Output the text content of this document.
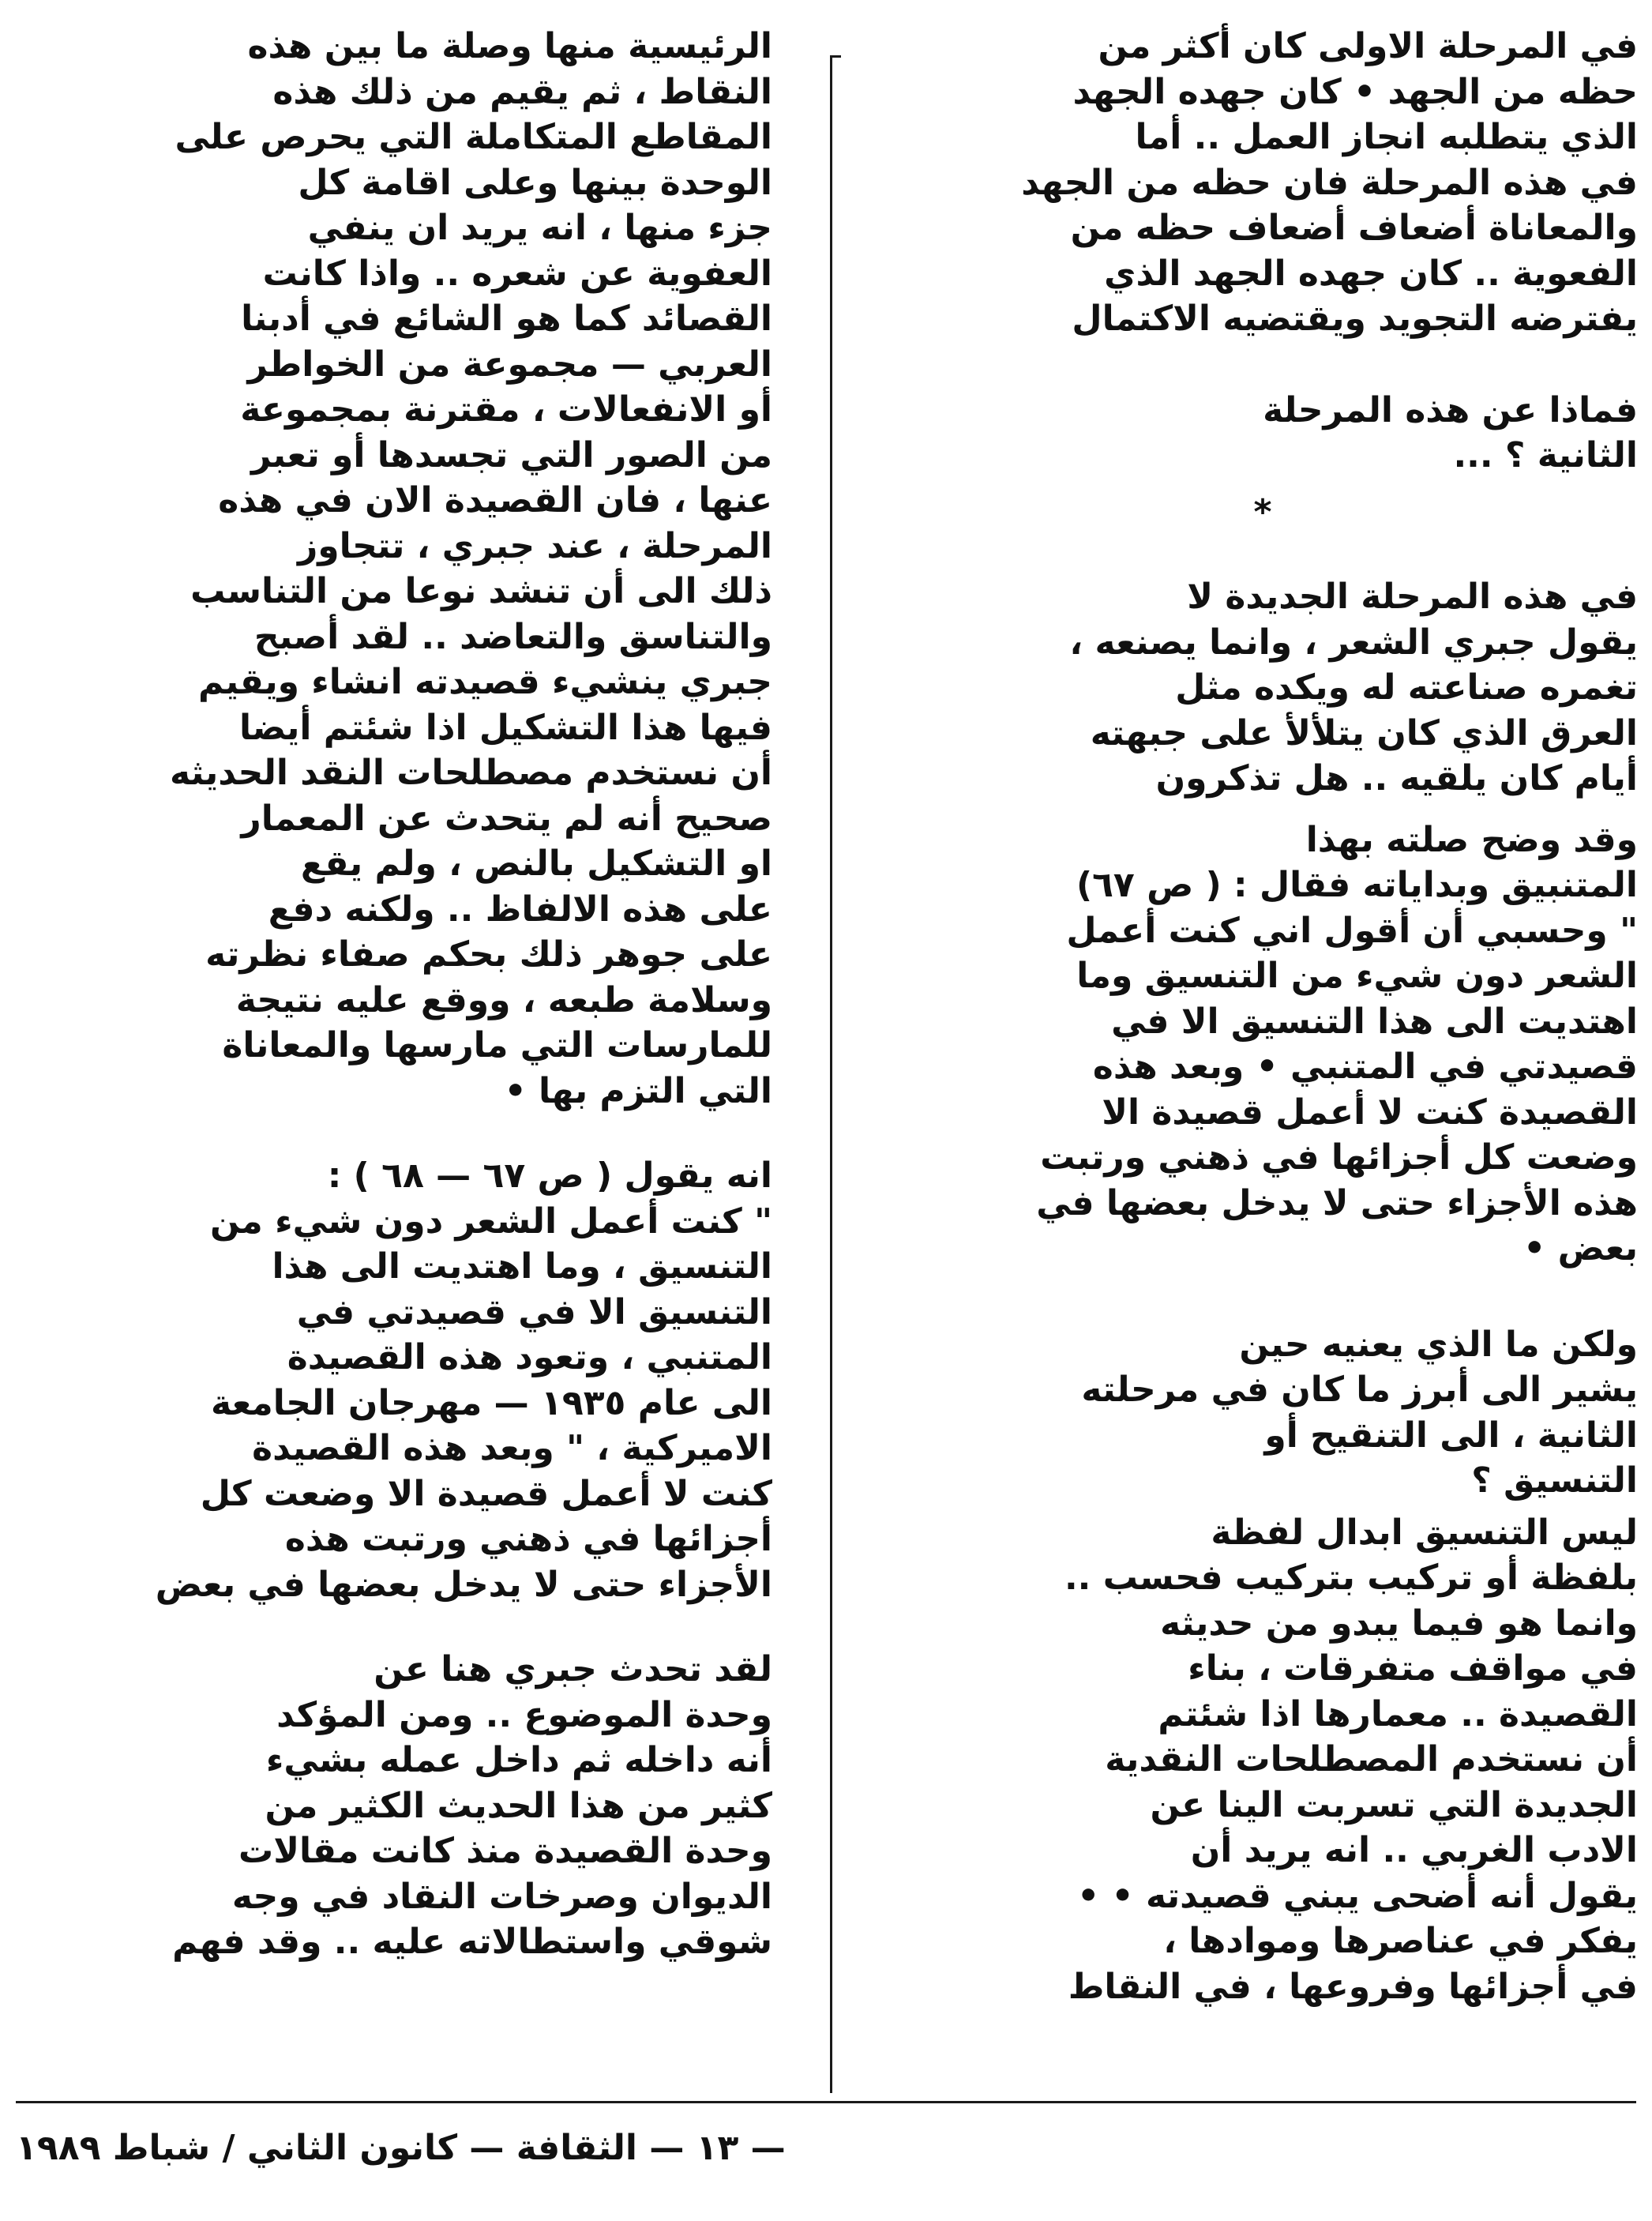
في المرحلة الاولى كان أكثر من
حظه من الجهد • كان جهده الجهد
الذي يتطلبه انجاز العمل .. أما
في هذه المرحلة فان حظه من الجهد
والمعاناة أضعاف أضعاف حظه من
الفعوية .. كان جهده الجهد الذي
يفترضه التجويد ويقتضيه الاكتمال

فماذا عن هذه المرحلة
الثانية ؟ ...

*

في هذه المرحلة الجديدة لا
يقول جبري الشعر ، وانما يصنعه ،
تغمره صناعته له ويكده مثل
العرق الذي كان يتلألأ على جبهته
أيام كان يلقيه .. هل تذكرون

وقد وضح صلته بهذا
المتنبيق وبداياته فقال : ( ص ٦٧)
" وحسبي أن أقول اني كنت أعمل
الشعر دون شيء من التنسيق وما
اهتديت الى هذا التنسيق الا في
قصيدتي في المتنبي • وبعد هذه
القصيدة كنت لا أعمل قصيدة الا
وضعت كل أجزائها في ذهني ورتبت
هذه الأجزاء حتى لا يدخل بعضها في
بعض •

ولكن ما الذي يعنيه حين
يشير الى أبرز ما كان في مرحلته
الثانية ، الى التنقيح أو
التنسيق ؟

ليس التنسيق ابدال لفظة
بلفظة أو تركيب بتركيب فحسب ..
وانما هو فيما يبدو من حديثه
في مواقف متفرقات ، بناء
القصيدة .. معمارها اذا شئتم
أن نستخدم المصطلحات النقدية
الجديدة التي تسربت الينا عن
الادب الغربي .. انه يريد أن
يقول أنه أضحى يبني قصيدته • •
يفكر في عناصرها وموادها ،
في أجزائها وفروعها ، في النقاط

الرئيسية منها وصلة ما بين هذه
النقاط ، ثم يقيم من ذلك هذه
المقاطع المتكاملة التي يحرص على
الوحدة بينها وعلى اقامة كل
جزء منها ، انه يريد ان ينفي
العفوية عن شعره .. واذا كانت
القصائد كما هو الشائع في أدبنا
العربي — مجموعة من الخواطر
أو الانفعالات ، مقترنة بمجموعة
من الصور التي تجسدها أو تعبر
عنها ، فان القصيدة الان في هذه
المرحلة ، عند جبري ، تتجاوز
ذلك الى أن تنشد نوعا من التناسب
والتناسق والتعاضد .. لقد أصبح
جبري ينشيء قصيدته انشاء ويقيم
فيها هذا التشكيل اذا شئتم أيضا
أن نستخدم مصطلحات النقد الحديثه
صحيح أنه لم يتحدث عن المعمار
او التشكيل بالنص ، ولم يقع
على هذه الالفاظ .. ولكنه دفع
على جوهر ذلك بحكم صفاء نظرته
وسلامة طبعه ، ووقع عليه نتيجة
للمارسات التي مارسها والمعاناة
التي التزم بها •

انه يقول ( ص ٦٧ — ٦٨ ) :
" كنت أعمل الشعر دون شيء من
التنسيق ، وما اهتديت الى هذا
التنسيق الا في قصيدتي في
المتنبي ، وتعود هذه القصيدة
الى عام ١٩٣٥ — مهرجان الجامعة
الاميركية ، " وبعد هذه القصيدة
كنت لا أعمل قصيدة الا وضعت كل
أجزائها في ذهني ورتبت هذه
الأجزاء حتى لا يدخل بعضها في بعض

لقد تحدث جبري هنا عن
وحدة الموضوع .. ومن المؤكد
أنه داخله ثم داخل عمله بشيء
كثير من هذا الحديث الكثير من
وحدة القصيدة منذ كانت مقالات
الديوان وصرخات النقاد في وجه
شوقي واستطالاته عليه .. وقد فهم

— ١٣ — الثقافة — كانون الثاني / شباط ١٩٨٩
